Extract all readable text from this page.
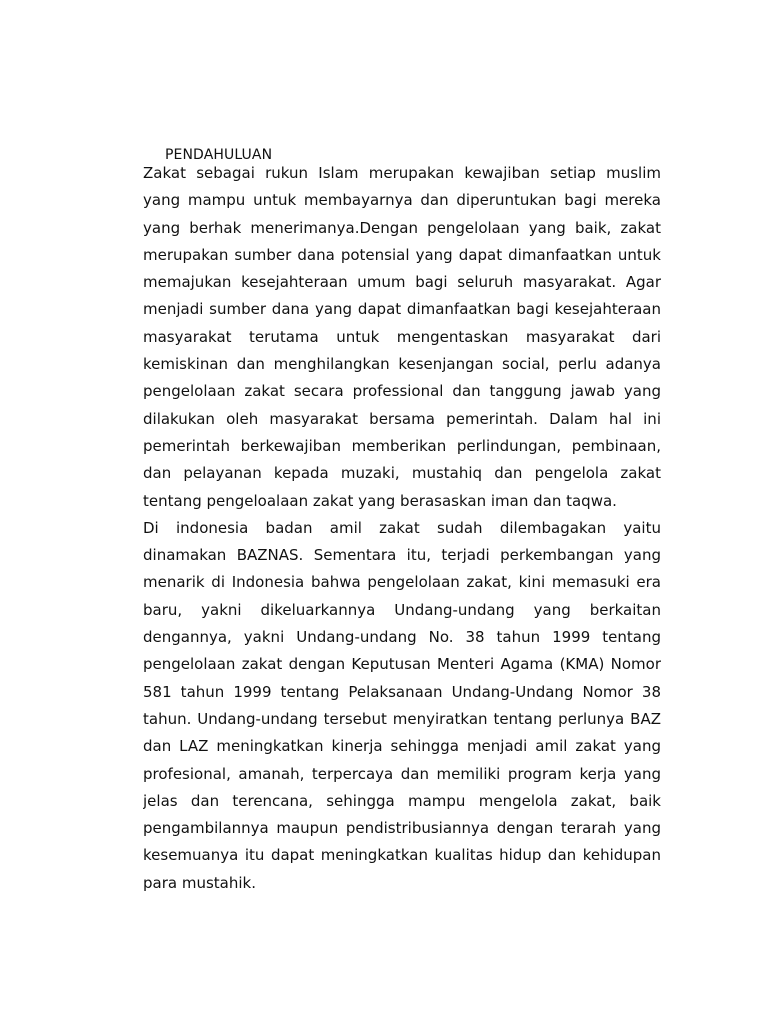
PENDAHULUAN
Zakat sebagai rukun Islam merupakan kewajiban setiap muslim
yang mampu untuk membayarnya dan diperuntukan bagi mereka
yang berhak menerimanya.Dengan pengelolaan yang baik, zakat
merupakan sumber dana potensial yang dapat dimanfaatkan untuk
memajukan kesejahteraan umum bagi seluruh masyarakat. Agar
menjadi sumber dana yang dapat dimanfaatkan bagi kesejahteraan
masyarakat terutama untuk mengentaskan masyarakat dari
kemiskinan dan menghilangkan kesenjangan social, perlu adanya
pengelolaan zakat secara professional dan tanggung jawab yang
dilakukan oleh masyarakat bersama pemerintah. Dalam hal ini
pemerintah berkewajiban memberikan perlindungan, pembinaan,
dan pelayanan kepada muzaki, mustahiq dan pengelola zakat
tentang pengeloalaan zakat yang berasaskan iman dan taqwa.
Di indonesia badan amil zakat sudah dilembagakan yaitu
dinamakan BAZNAS. Sementara itu, terjadi perkembangan yang
menarik di Indonesia bahwa pengelolaan zakat, kini memasuki era
baru, yakni dikeluarkannya Undang-undang yang berkaitan
dengannya, yakni Undang-undang No. 38 tahun 1999 tentang
pengelolaan zakat dengan Keputusan Menteri Agama (KMA) Nomor
581 tahun 1999 tentang Pelaksanaan Undang-Undang Nomor 38
tahun. Undang-undang tersebut menyiratkan tentang perlunya BAZ
dan LAZ meningkatkan kinerja sehingga menjadi amil zakat yang
profesional, amanah, terpercaya dan memiliki program kerja yang
jelas dan terencana, sehingga mampu mengelola zakat, baik
pengambilannya maupun pendistribusiannya dengan terarah yang
kesemuanya itu dapat meningkatkan kualitas hidup dan kehidupan
para mustahik.
